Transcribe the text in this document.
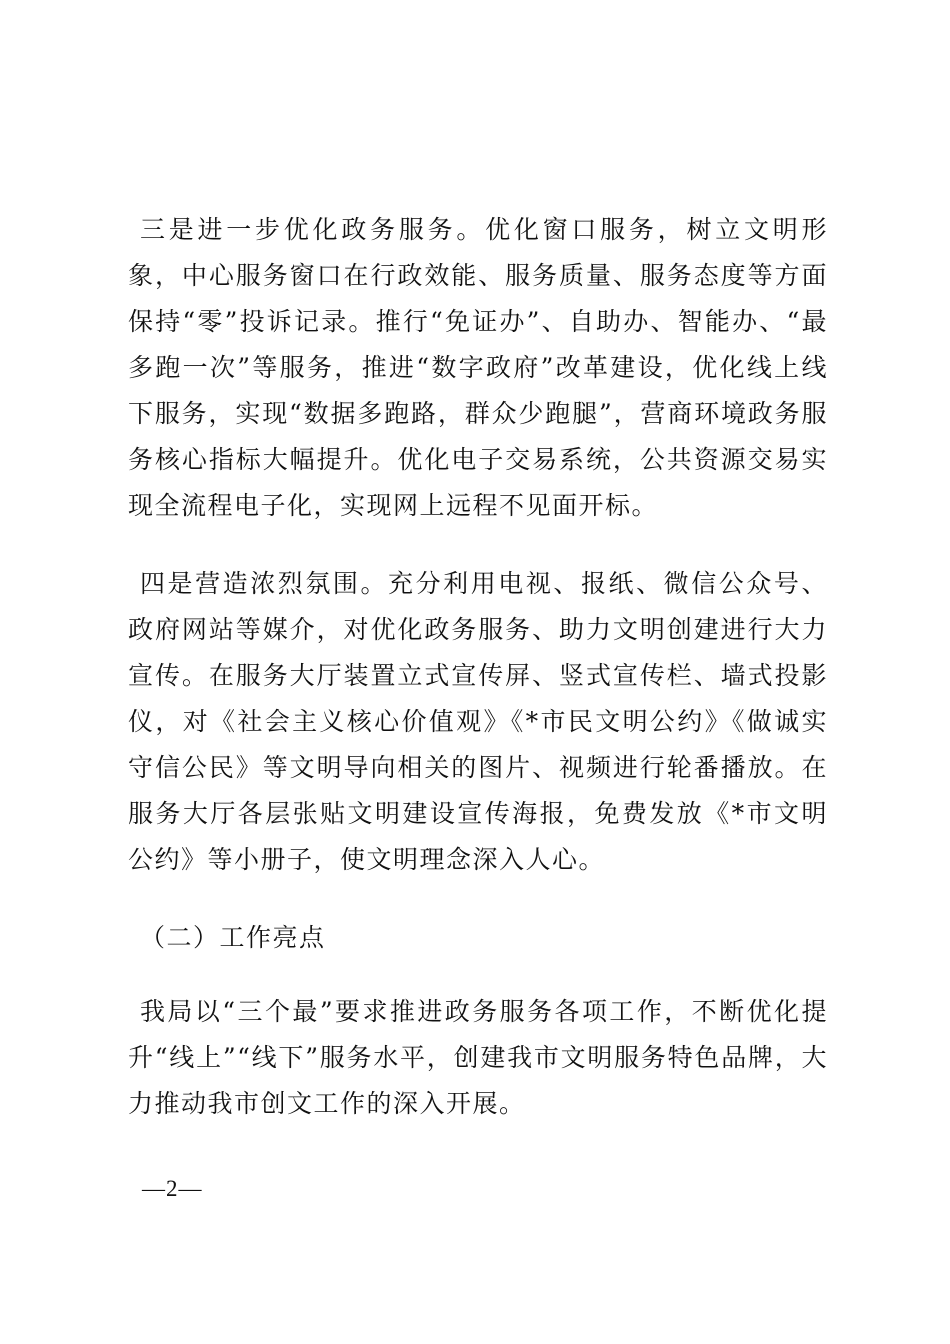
三是进一步优化政务服务。优化窗口服务，树立文明形象，中心服务窗口在行政效能、服务质量、服务态度等方面保持“零”投诉记录。推行“免证办”、自助办、智能办、“最多跑一次”等服务，推进“数字政府”改革建设，优化线上线下服务，实现“数据多跑路，群众少跑腿”，营商环境政务服务核心指标大幅提升。优化电子交易系统，公共资源交易实现全流程电子化，实现网上远程不见面开标。

四是营造浓烈氛围。充分利用电视、报纸、微信公众号、政府网站等媒介，对优化政务服务、助力文明创建进行大力宣传。在服务大厅装置立式宣传屏、竖式宣传栏、墙式投影仪，对《社会主义核心价值观》《*市民文明公约》《做诚实守信公民》等文明导向相关的图片、视频进行轮番播放。在服务大厅各层张贴文明建设宣传海报，免费发放《*市文明公约》等小册子，使文明理念深入人心。

（二）工作亮点

我局以“三个最”要求推进政务服务各项工作，不断优化提升“线上”“线下”服务水平，创建我市文明服务特色品牌，大力推动我市创文工作的深入开展。

—2—
